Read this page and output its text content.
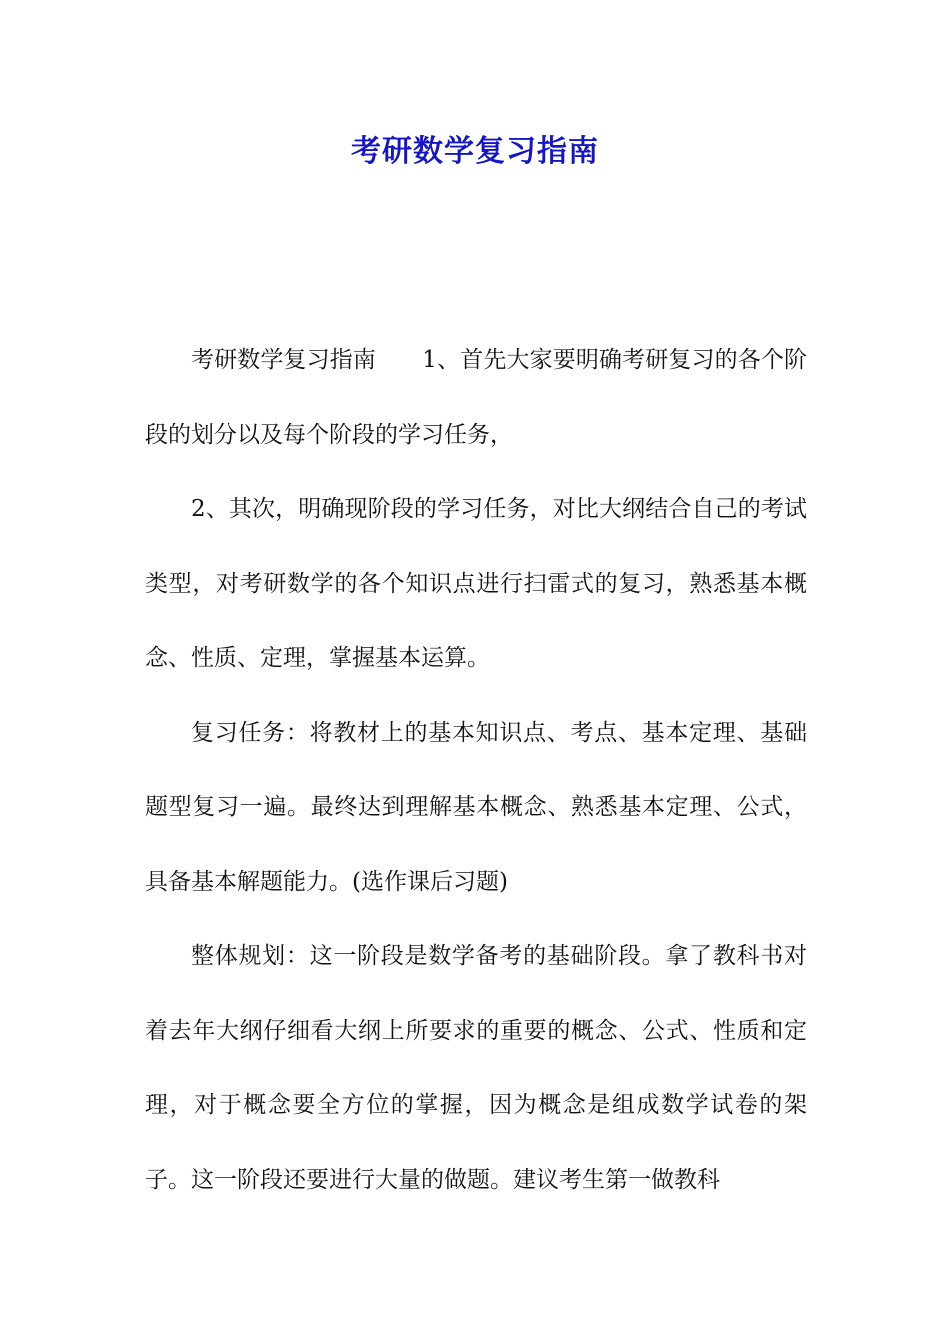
考研数学复习指南

考研数学复习指南　　1、首先大家要明确考研复习的各个阶段的划分以及每个阶段的学习任务，

2、其次，明确现阶段的学习任务，对比大纲结合自己的考试类型，对考研数学的各个知识点进行扫雷式的复习，熟悉基本概念、性质、定理，掌握基本运算。

复习任务：将教材上的基本知识点、考点、基本定理、基础题型复习一遍。最终达到理解基本概念、熟悉基本定理、公式，具备基本解题能力。(选作课后习题)

整体规划：这一阶段是数学备考的基础阶段。拿了教科书对着去年大纲仔细看大纲上所要求的重要的概念、公式、性质和定理，对于概念要全方位的掌握，因为概念是组成数学试卷的架子。这一阶段还要进行大量的做题。建议考生第一做教科
